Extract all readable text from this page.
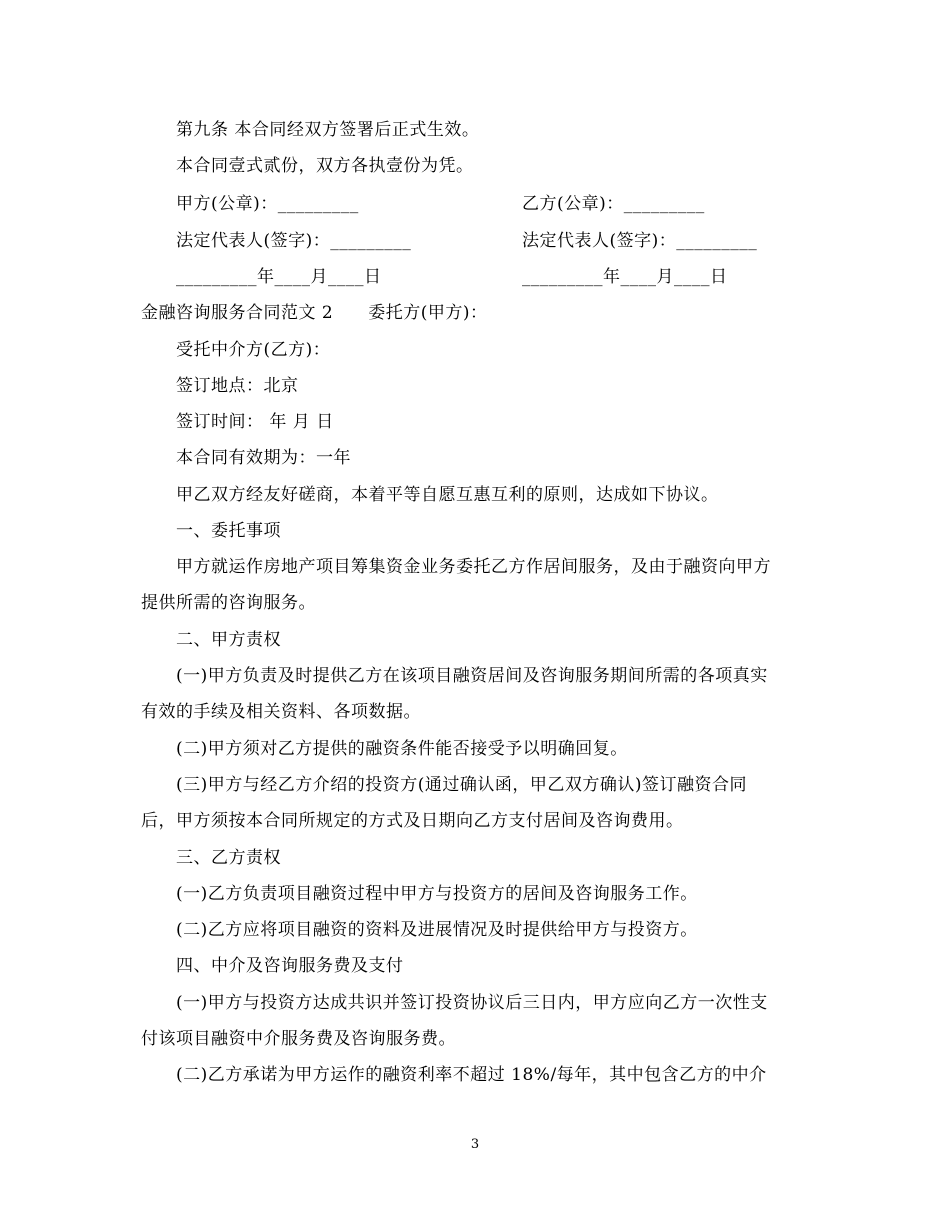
第九条 本合同经双方签署后正式生效。
本合同壹式贰份，双方各执壹份为凭。
甲方(公章)：_________	乙方(公章)：_________
法定代表人(签字)：_________	法定代表人(签字)：_________
_________年____月____日	_________年____月____日
金融咨询服务合同范文 2　　委托方(甲方)：
受托中介方(乙方)：
签订地点：北京
签订时间： 年 月 日
本合同有效期为：一年
甲乙双方经友好磋商，本着平等自愿互惠互利的原则，达成如下协议。
一、委托事项
甲方就运作房地产项目筹集资金业务委托乙方作居间服务，及由于融资向甲方
提供所需的咨询服务。
二、甲方责权
(一)甲方负责及时提供乙方在该项目融资居间及咨询服务期间所需的各项真实
有效的手续及相关资料、各项数据。
(二)甲方须对乙方提供的融资条件能否接受予以明确回复。
(三)甲方与经乙方介绍的投资方(通过确认函，甲乙双方确认)签订融资合同
后，甲方须按本合同所规定的方式及日期向乙方支付居间及咨询费用。
三、乙方责权
(一)乙方负责项目融资过程中甲方与投资方的居间及咨询服务工作。
(二)乙方应将项目融资的资料及进展情况及时提供给甲方与投资方。
四、中介及咨询服务费及支付
(一)甲方与投资方达成共识并签订投资协议后三日内，甲方应向乙方一次性支
付该项目融资中介服务费及咨询服务费。
(二)乙方承诺为甲方运作的融资利率不超过 18%/每年，其中包含乙方的中介
3
